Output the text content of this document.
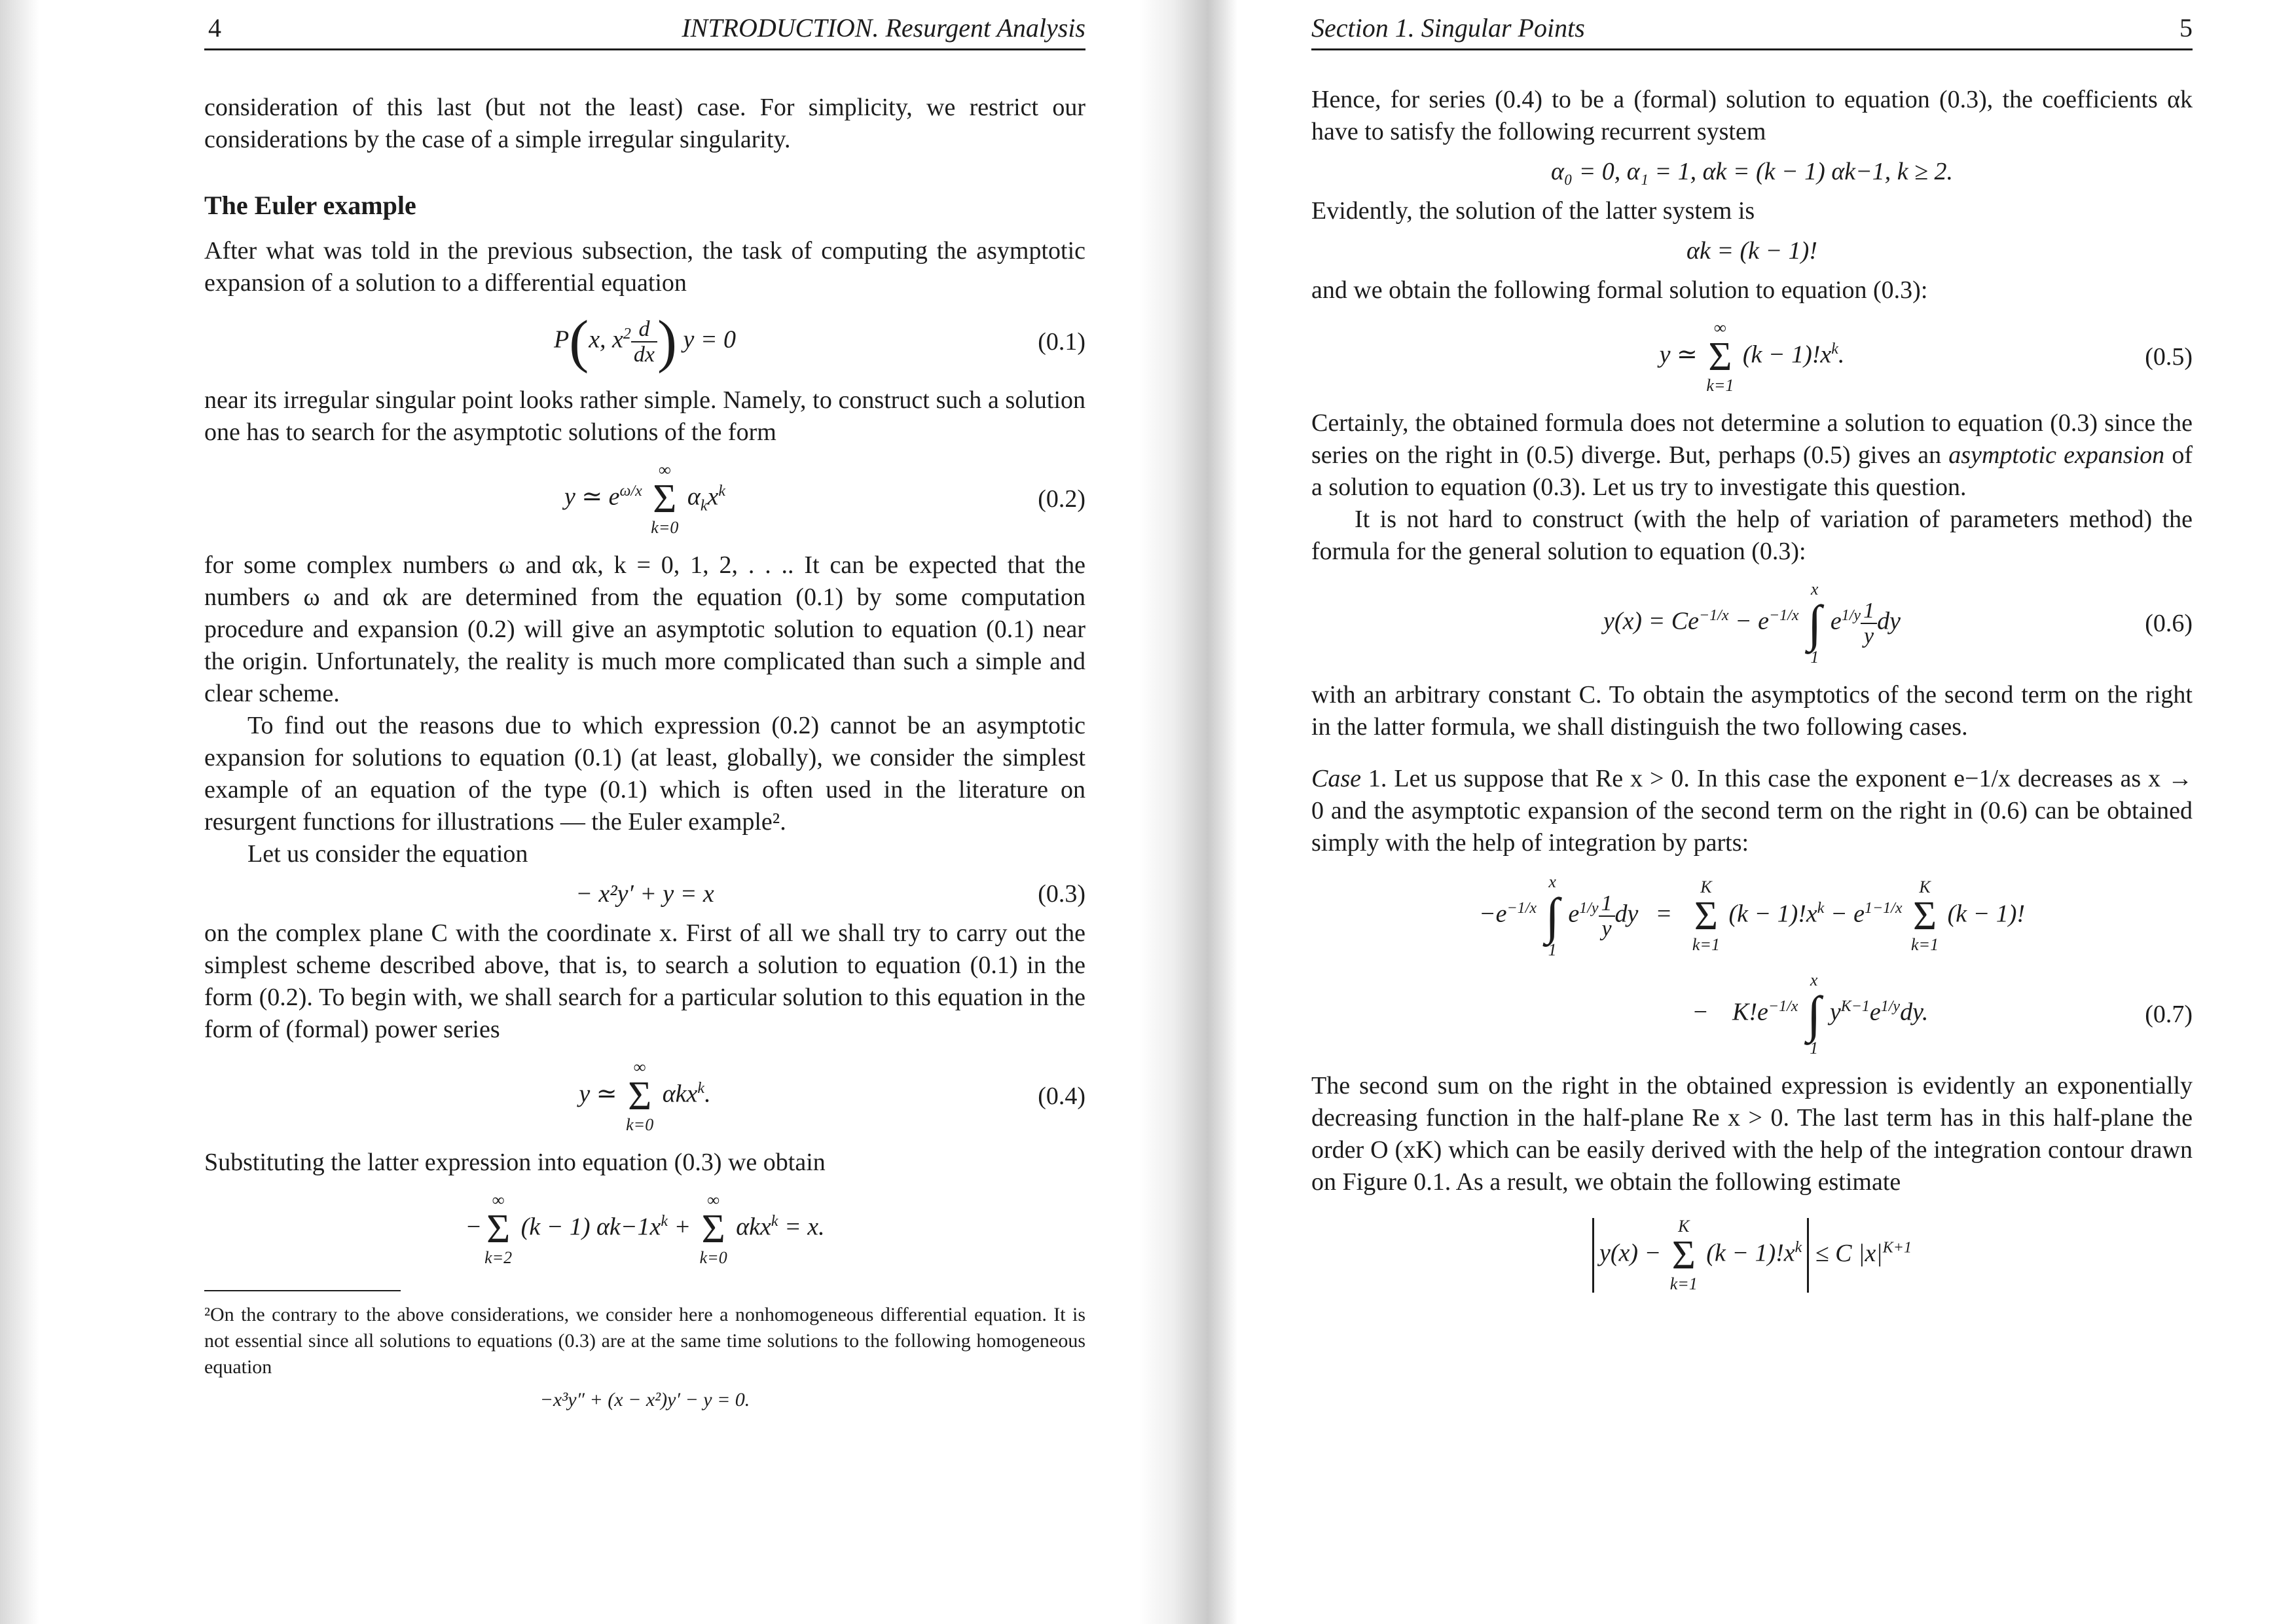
4	INTRODUCTION. Resurgent Analysis

consideration of this last (but not the least) case. For simplicity, we restrict our considerations by the case of a simple irregular singularity.

The Euler example

After what was told in the previous subsection, the task of computing the asymptotic expansion of a solution to a differential equation

P(x, $x^2 \frac{d}{dx}$ ) y = 0	(0.1)

near its irregular singular point looks rather simple. Namely, to construct such a solution one has to search for the asymptotic solutions of the form

y ≃ $e^{\omega/x}$
∞
Σ
k=0
$\alpha_kx^k$	(0.2)

for some complex numbers ω and αk, k = 0, 1, 2, . . .. It can be expected that the numbers ω and αk are determined from the equation (0.1) by some computation procedure and expansion (0.2) will give an asymptotic solution to equation (0.1) near the origin. Unfortunately, the reality is much more complicated than such a simple and clear scheme.

To find out the reasons due to which expression (0.2) cannot be an asymptotic expansion for solutions to equation (0.1) (at least, globally), we consider the simplest example of an equation of the type (0.1) which is often used in the literature on resurgent functions for illustrations — the Euler example².

Let us consider the equation

− x²y′ + y = x	(0.3)

on the complex plane C with the coordinate x. First of all we shall try to carry out the simplest scheme described above, that is, to search a solution to equation (0.1) in the form (0.2). To begin with, we shall search for a particular solution to this equation in the form of (formal) power series

y ≃
∞
Σ
k=0
αkx$^k$.	(0.4)

Substituting the latter expression into equation (0.3) we obtain

−
∞
Σ
k=2
(k − 1) $\alpha k-1x^k$ +
∞
Σ
k=0
αkx$^k$ = x.
²On the contrary to the above considerations, we consider here a nonhomogeneous differential equation. It is not essential since all solutions to equations (0.3) are at the same time solutions to the following homogeneous equation
−x³y″ + (x − x²)y′ − y = 0.
Section 1. Singular Points	5

Hence, for series (0.4) to be a (formal) solution to equation (0.3), the coefficients αk have to satisfy the following recurrent system

α₀ = 0, α₁ = 1, αk = (k − 1) αk−1, k ≥ 2.

Evidently, the solution of the latter system is

αk = (k − 1)!

and we obtain the following formal solution to equation (0.3):

y ≃
∞
Σ
k=1
$(k - 1)!x^k$.	(0.5)

Certainly, the obtained formula does not determine a solution to equation (0.3) since the series on the right in (0.5) diverge. But, perhaps (0.5) gives an asymptotic expansion of a solution to equation (0.3). Let us try to investigate this question.

It is not hard to construct (with the help of variation of parameters method) the formula for the general solution to equation (0.3):

$y(x) = Ce^{-1/x} - e^{-1/x}$
x
∫
1
$e^{1/y} \frac{1}{y}$ dy	(0.6)

with an arbitrary constant C. To obtain the asymptotics of the second term on the right in the latter formula, we shall distinguish the two following cases.

Case 1. Let us suppose that Re x > 0. In this case the exponent e−1/x decreases as x → 0 and the asymptotic expansion of the second term on the right in (0.6) can be obtained simply with the help of integration by parts:

$-e^{-1/x}$
x
∫
1
$e^{1/y} \frac{1}{y}$ dy =
K
Σ
k=1
$(k - 1)!x^k - e^{1-1/x}$
K
Σ
k=1
(k − 1)!
− $K!e^{-1/x}$
x
∫
1
$y^{K-1}e^{1/y}dy$.	(0.7)

The second sum on the right in the obtained expression is evidently an exponentially decreasing function in the half-plane Re x > 0. The last term has in this half-plane the order O (xK) which can be easily derived with the help of the integration contour drawn on Figure 0.1. As a result, we obtain the following estimate

y(x) −
K
Σ
k=1
$(k - 1)!x^k \le C$ $|x|^{K+1}$
